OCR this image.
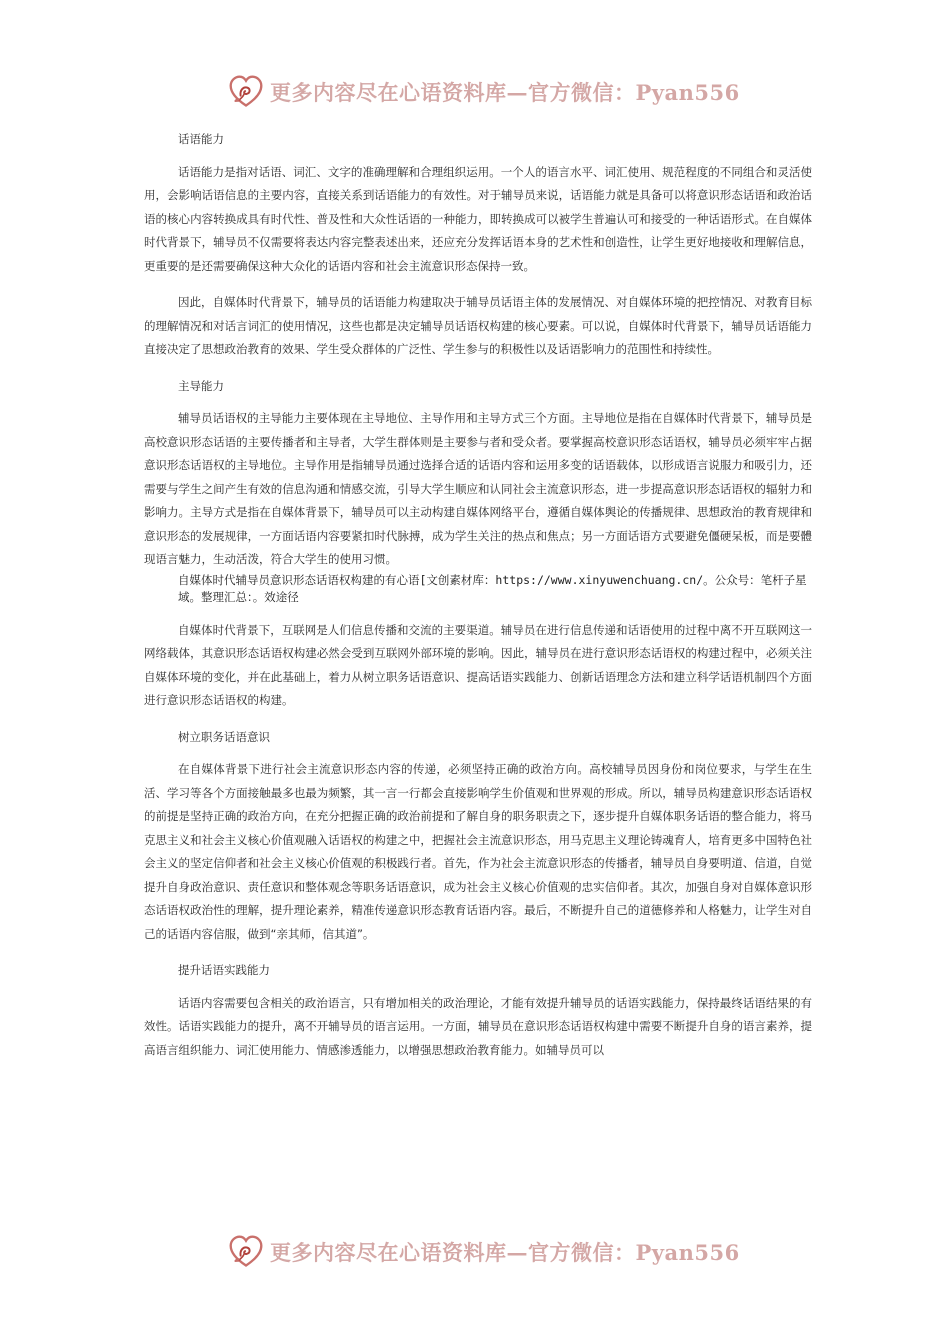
更多内容尽在心语资料库—官方微信：Pyan556

话语能力

话语能力是指对话语、词汇、文字的准确理解和合理组织运用。一个人的语言水平、词汇使用、规范程度的不同组合和灵活使用，会影响话语信息的主要内容，直接关系到话语能力的有效性。对于辅导员来说，话语能力就是具备可以将意识形态话语和政治话语的核心内容转换成具有时代性、普及性和大众性话语的一种能力，即转换成可以被学生普遍认可和接受的一种话语形式。在自媒体时代背景下，辅导员不仅需要将表达内容完整表述出来，还应充分发挥话语本身的艺术性和创造性，让学生更好地接收和理解信息，更重要的是还需要确保这种大众化的话语内容和社会主流意识形态保持一致。

因此，自媒体时代背景下，辅导员的话语能力构建取决于辅导员话语主体的发展情况、对自媒体环境的把控情况、对教育目标的理解情况和对话言词汇的使用情况，这些也都是决定辅导员话语权构建的核心要素。可以说，自媒体时代背景下，辅导员话语能力直接决定了思想政治教育的效果、学生受众群体的广泛性、学生参与的积极性以及话语影响力的范围性和持续性。

主导能力

辅导员话语权的主导能力主要体现在主导地位、主导作用和主导方式三个方面。主导地位是指在自媒体时代背景下，辅导员是高校意识形态话语的主要传播者和主导者，大学生群体则是主要参与者和受众者。要掌握高校意识形态话语权，辅导员必须牢牢占据意识形态话语权的主导地位。主导作用是指辅导员通过选择合适的话语内容和运用多变的话语载体，以形成语言说服力和吸引力，还需要与学生之间产生有效的信息沟通和情感交流，引导大学生顺应和认同社会主流意识形态，进一步提高意识形态话语权的辐射力和影响力。主导方式是指在自媒体背景下，辅导员可以主动构建自媒体网络平台，遵循自媒体舆论的传播规律、思想政治的教育规律和意识形态的发展规律，一方面话语内容要紧扣时代脉搏，成为学生关注的热点和焦点；另一方面话语方式要避免僵硬呆板，而是要體现语言魅力，生动活泼，符合大学生的使用习惯。

自媒体时代辅导员意识形态话语权构建的有心语[文创素材库：https://www.xinyuwenchuang.cn/。公众号：笔杆子星域。整理汇总：。效途径

自媒体时代背景下，互联网是人们信息传播和交流的主要渠道。辅导员在进行信息传递和话语使用的过程中离不开互联网这一网络载体，其意识形态话语权构建必然会受到互联网外部环境的影响。因此，辅导员在进行意识形态话语权的构建过程中，必须关注自媒体环境的变化，并在此基础上，着力从树立职务话语意识、提高话语实践能力、创新话语理念方法和建立科学话语机制四个方面进行意识形态话语权的构建。

树立职务话语意识

在自媒体背景下进行社会主流意识形态内容的传递，必须坚持正确的政治方向。高校辅导员因身份和岗位要求，与学生在生活、学习等各个方面接触最多也最为频繁，其一言一行都会直接影响学生价值观和世界观的形成。所以，辅导员构建意识形态话语权的前提是坚持正确的政治方向，在充分把握正确的政治前提和了解自身的职务职责之下，逐步提升自媒体职务话语的整合能力，将马克思主义和社会主义核心价值观融入话语权的构建之中，把握社会主流意识形态，用马克思主义理论铸魂育人，培育更多中国特色社会主义的坚定信仰者和社会主义核心价值观的积极践行者。首先，作为社会主流意识形态的传播者，辅导员自身要明道、信道，自觉提升自身政治意识、责任意识和整体观念等职务话语意识，成为社会主义核心价值观的忠实信仰者。其次，加强自身对自媒体意识形态话语权政治性的理解，提升理论素养，精准传递意识形态教育话语内容。最后，不断提升自己的道德修养和人格魅力，让学生对自己的话语内容信服，做到“亲其师，信其道”。

提升话语实践能力

话语内容需要包含相关的政治语言，只有增加相关的政治理论，才能有效提升辅导员的话语实践能力，保持最终话语结果的有效性。话语实践能力的提升，离不开辅导员的语言运用。一方面，辅导员在意识形态话语权构建中需要不断提升自身的语言素养，提高语言组织能力、词汇使用能力、情感渗透能力，以增强思想政治教育能力。如辅导员可以

更多内容尽在心语资料库—官方微信：Pyan556
